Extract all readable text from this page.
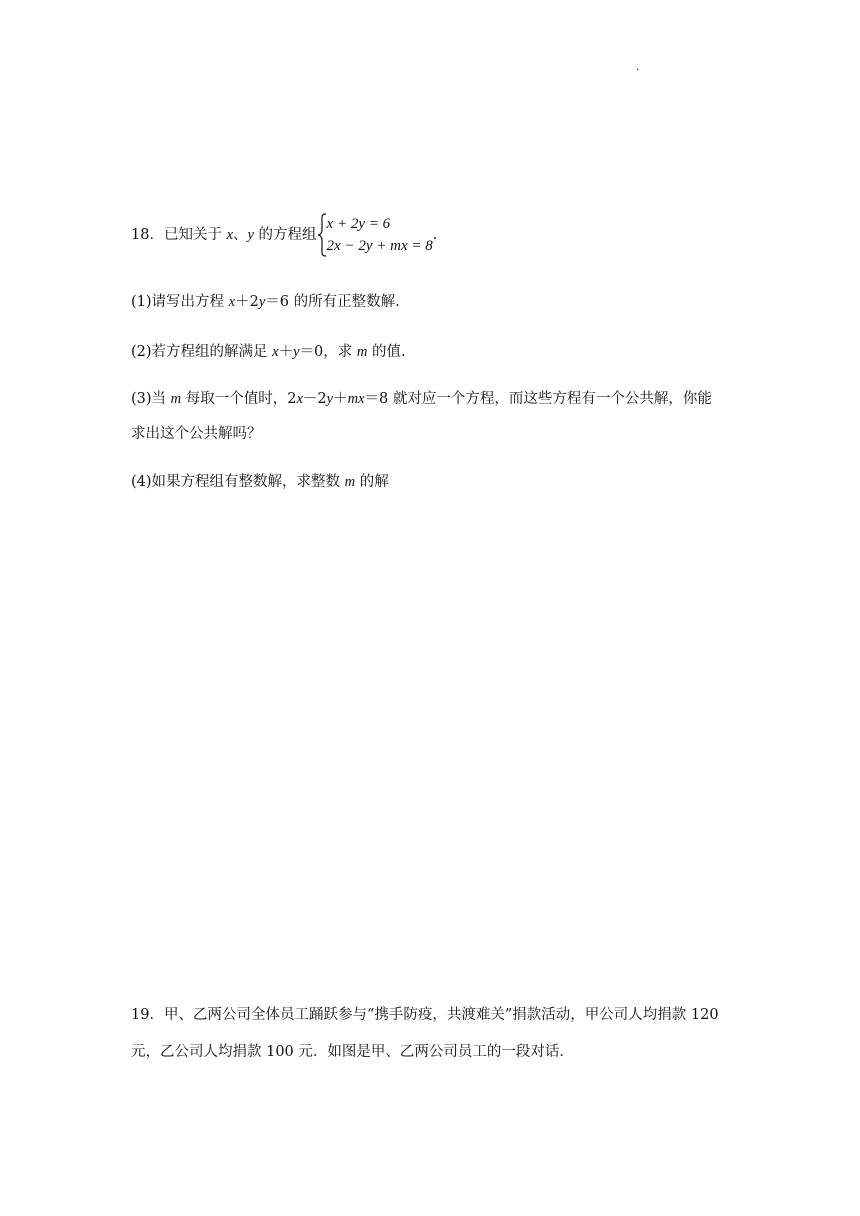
.
18．已知关于 x、y 的方程组
x + 2y = 6
2x − 2y + mx = 8
.
(1)请写出方程 x＋2y＝6 的所有正整数解.
(2)若方程组的解满足 x＋y＝0，求 m 的值.
(3)当 m 每取一个值时，2x－2y＋mx＝8 就对应一个方程，而这些方程有一个公共解，你能
求出这个公共解吗？
(4)如果方程组有整数解，求整数 m 的解
19．甲、乙两公司全体员工踊跃参与“携手防疫，共渡难关”捐款活动，甲公司人均捐款 120
元，乙公司人均捐款 100 元．如图是甲、乙两公司员工的一段对话．
